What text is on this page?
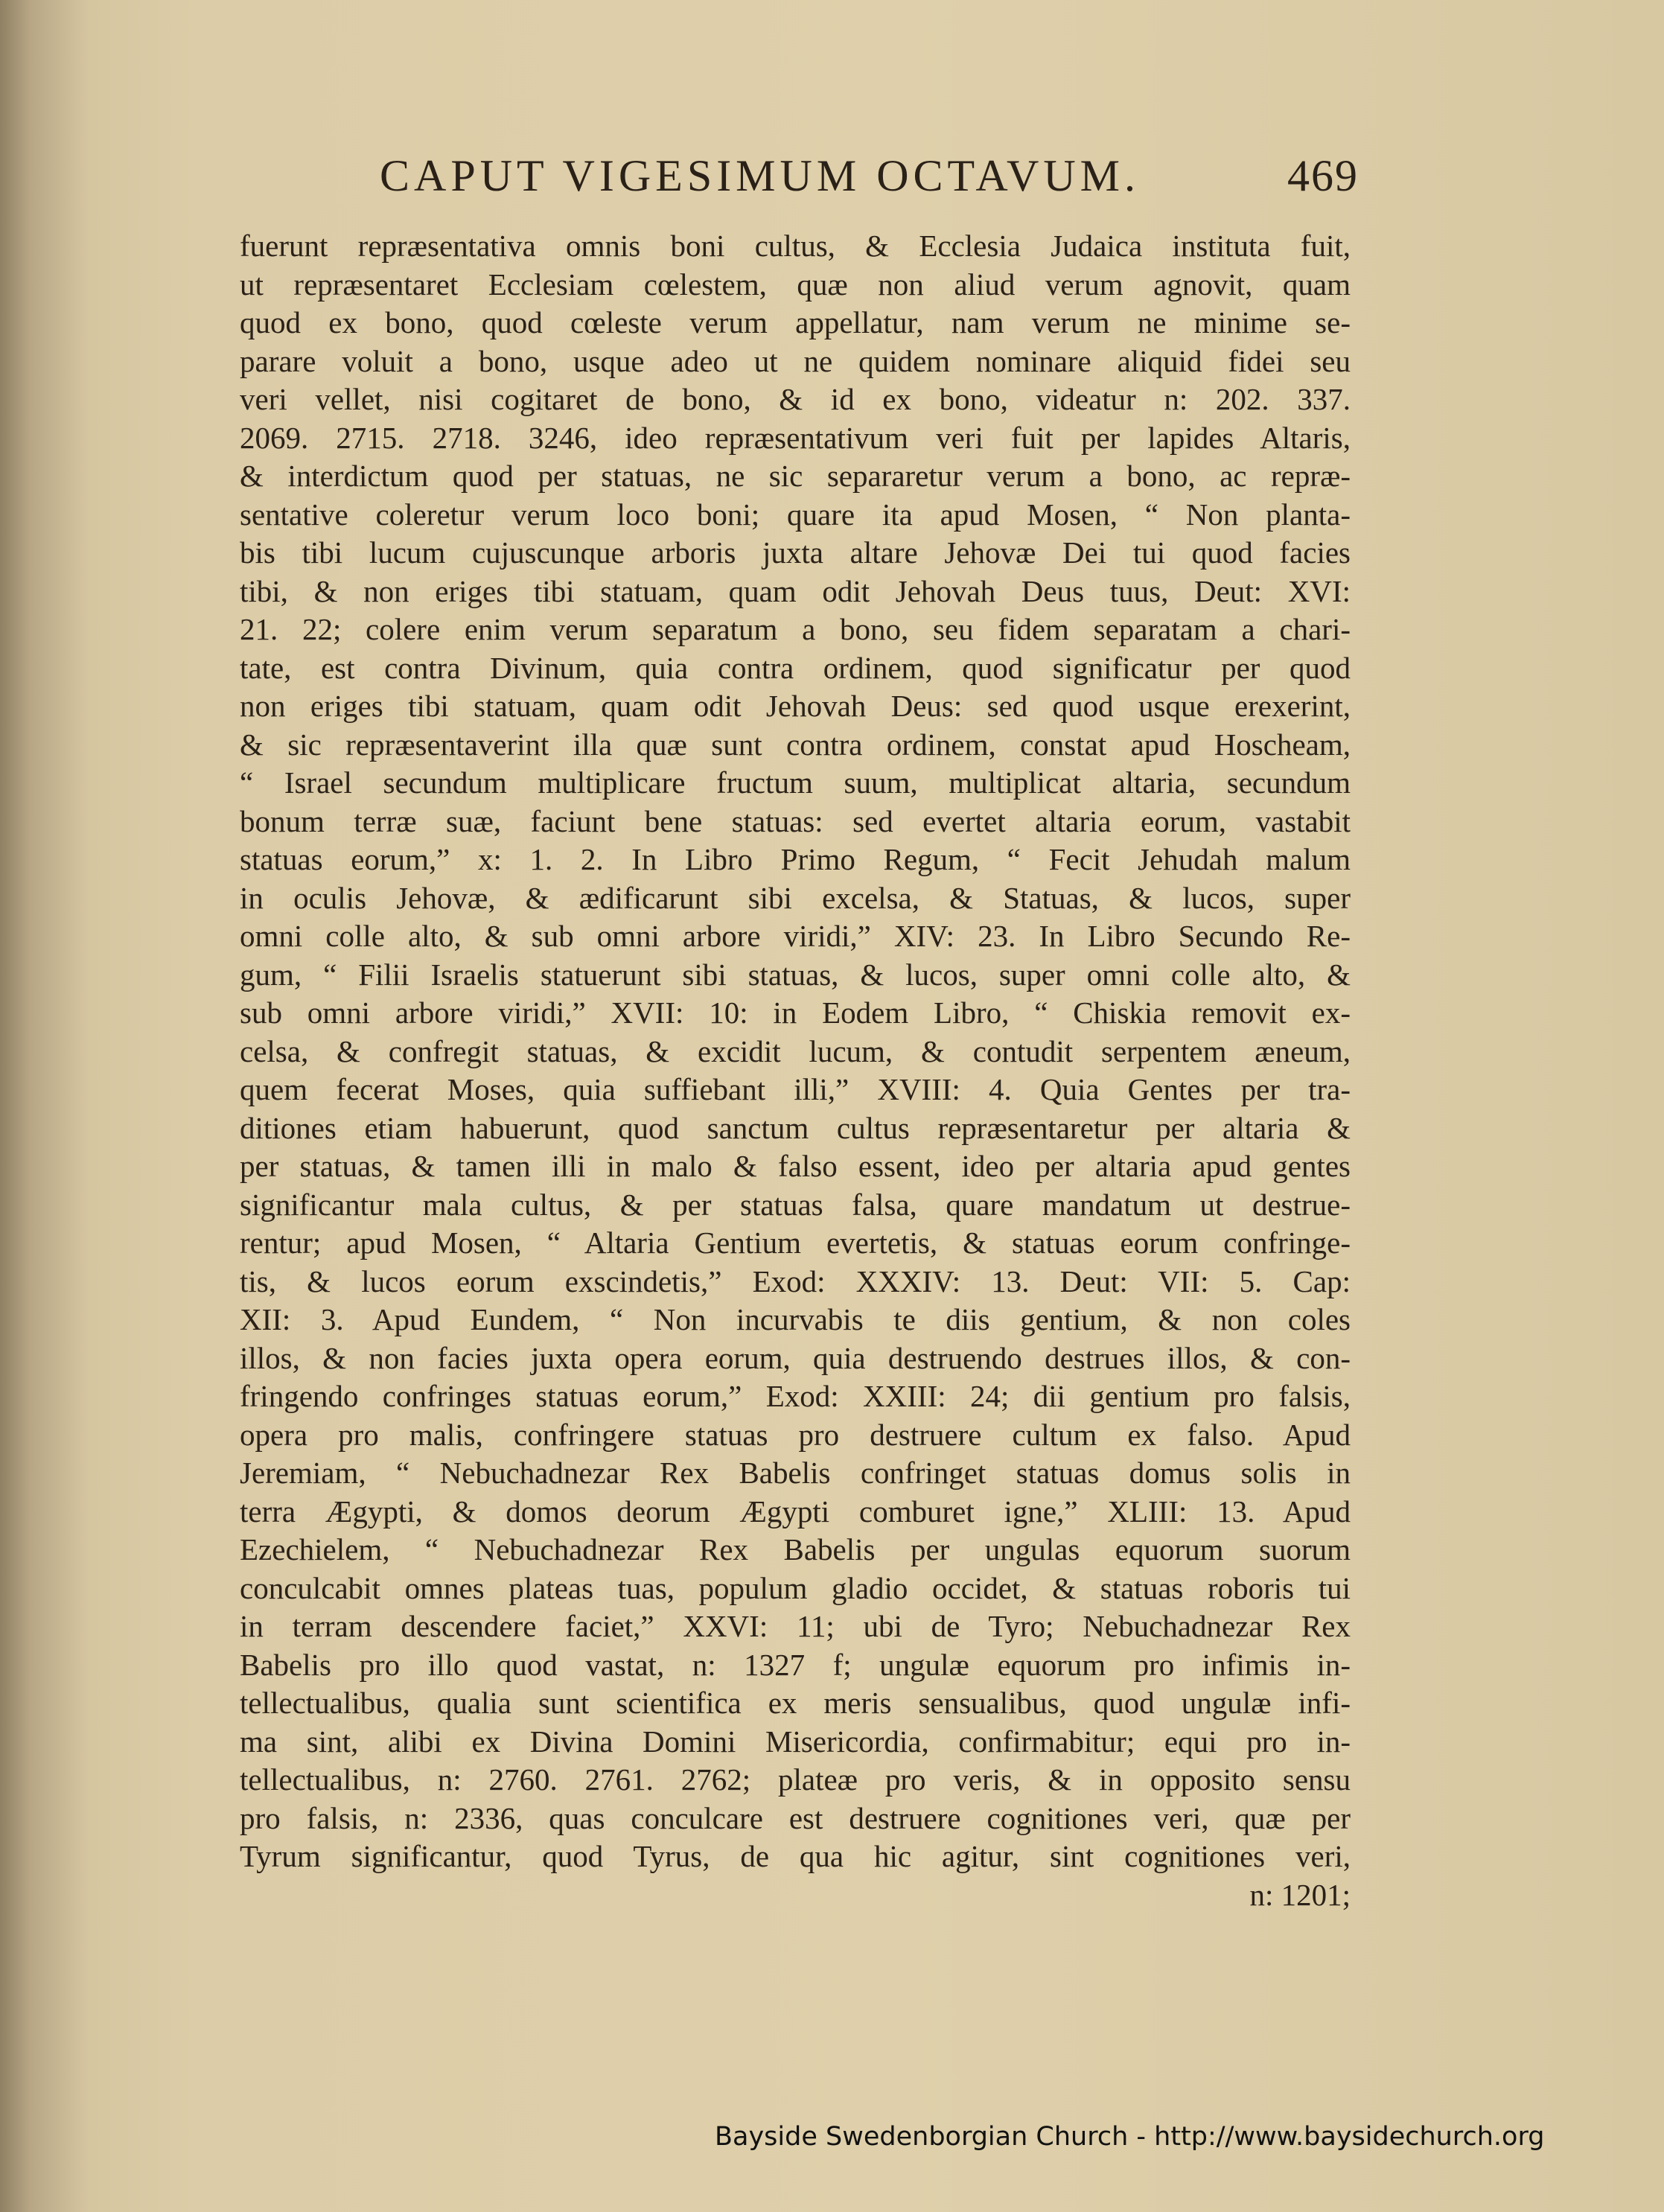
CAPUT VIGESIMUM OCTAVUM.	469
fuerunt repræsentativa omnis boni cultus, & Ecclesia Judaica instituta fuit,
ut repræsentaret Ecclesiam cœlestem, quæ non aliud verum agnovit, quam
quod ex bono, quod cœleste verum appellatur, nam verum ne minime se-
parare voluit a bono, usque adeo ut ne quidem nominare aliquid fidei seu
veri vellet, nisi cogitaret de bono, & id ex bono, videatur n: 202. 337.
2069. 2715. 2718. 3246, ideo repræsentativum veri fuit per lapides Altaris,
& interdictum quod per statuas, ne sic separaretur verum a bono, ac repræ-
sentative coleretur verum loco boni; quare ita apud Mosen, “ Non planta-
bis tibi lucum cujuscunque arboris juxta altare Jehovæ Dei tui quod facies
tibi, & non eriges tibi statuam, quam odit Jehovah Deus tuus, Deut: XVI:
21. 22; colere enim verum separatum a bono, seu fidem separatam a chari-
tate, est contra Divinum, quia contra ordinem, quod significatur per quod
non eriges tibi statuam, quam odit Jehovah Deus: sed quod usque erexerint,
& sic repræsentaverint illa quæ sunt contra ordinem, constat apud Hoscheam,
“ Israel secundum multiplicare fructum suum, multiplicat altaria, secundum
bonum terræ suæ, faciunt bene statuas: sed evertet altaria eorum, vastabit
statuas eorum,” x: 1. 2. In Libro Primo Regum, “ Fecit Jehudah malum
in oculis Jehovæ, & ædificarunt sibi excelsa, & Statuas, & lucos, super
omni colle alto, & sub omni arbore viridi,” XIV: 23. In Libro Secundo Re-
gum, “ Filii Israelis statuerunt sibi statuas, & lucos, super omni colle alto, &
sub omni arbore viridi,” XVII: 10: in Eodem Libro, “ Chiskia removit ex-
celsa, & confregit statuas, & excidit lucum, & contudit serpentem æneum,
quem fecerat Moses, quia suffiebant illi,” XVIII: 4. Quia Gentes per tra-
ditiones etiam habuerunt, quod sanctum cultus repræsentaretur per altaria &
per statuas, & tamen illi in malo & falso essent, ideo per altaria apud gentes
significantur mala cultus, & per statuas falsa, quare mandatum ut destrue-
rentur; apud Mosen, “ Altaria Gentium evertetis, & statuas eorum confringe-
tis, & lucos eorum exscindetis,” Exod: XXXIV: 13. Deut: VII: 5. Cap:
XII: 3. Apud Eundem, “ Non incurvabis te diis gentium, & non coles
illos, & non facies juxta opera eorum, quia destruendo destrues illos, & con-
fringendo confringes statuas eorum,” Exod: XXIII: 24; dii gentium pro falsis,
opera pro malis, confringere statuas pro destruere cultum ex falso. Apud
Jeremiam, “ Nebuchadnezar Rex Babelis confringet statuas domus solis in
terra Ægypti, & domos deorum Ægypti comburet igne,” XLIII: 13. Apud
Ezechielem, “ Nebuchadnezar Rex Babelis per ungulas equorum suorum
conculcabit omnes plateas tuas, populum gladio occidet, & statuas roboris tui
in terram descendere faciet,” XXVI: 11; ubi de Tyro; Nebuchadnezar Rex
Babelis pro illo quod vastat, n: 1327 f; ungulæ equorum pro infimis in-
tellectualibus, qualia sunt scientifica ex meris sensualibus, quod ungulæ infi-
ma sint, alibi ex Divina Domini Misericordia, confirmabitur; equi pro in-
tellectualibus, n: 2760. 2761. 2762; plateæ pro veris, & in opposito sensu
pro falsis, n: 2336, quas conculcare est destruere cognitiones veri, quæ per
Tyrum significantur, quod Tyrus, de qua hic agitur, sint cognitiones veri,
n: 1201;
Bayside Swedenborgian Church - http://www.baysidechurch.org
